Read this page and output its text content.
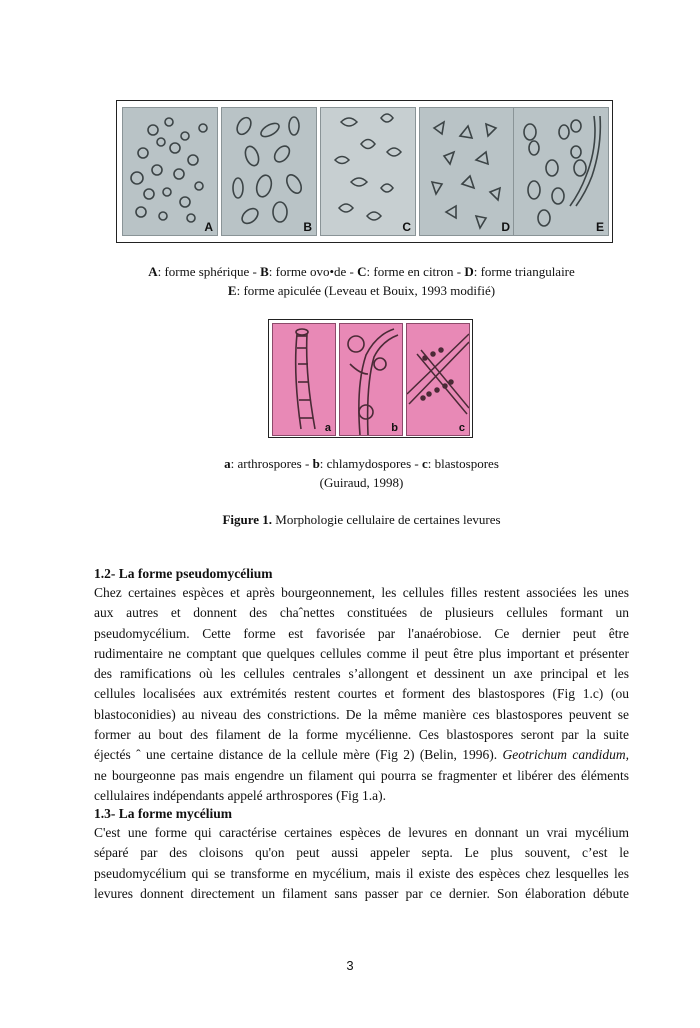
A	B	C	D	E
A: forme sphérique - B: forme ovo•de - C: forme en citron - D: forme triangulaire
E: forme apiculée (Leveau et Bouix, 1993 modifié)
a	b	c
a: arthrospores - b: chlamydospores - c: blastospores
(Guiraud, 1998)
Figure 1. Morphologie cellulaire de certaines levures
1.2- La forme pseudomycélium
Chez certaines espèces et après bourgeonnement, les cellules filles restent associées les unes
aux autres et donnent des chaˆnettes constituées de plusieurs cellules formant un
pseudomycélium. Cette forme est favorisée par l'anaérobiose. Ce dernier peut être
rudimentaire ne comptant que quelques cellules comme il peut être plus important et présenter
des ramifications où les cellules centrales s’allongent et dessinent un axe principal et les
cellules localisées aux extrémités restent courtes et forment des blastospores (Fig 1.c) (ou
blastoconidies) au niveau des constrictions. De la même manière ces blastospores peuvent se
former au bout des filament de la forme mycélienne. Ces blastospores seront par la suite
éjectés ˆ une certaine distance de la cellule mère (Fig 2) (Belin, 1996). Geotrichum candidum,
ne bourgeonne pas mais engendre un filament qui pourra se fragmenter et libérer des éléments
cellulaires indépendants appelé arthrospores (Fig 1.a).
1.3- La forme mycélium
C'est une forme qui caractérise certaines espèces de levures en donnant un vrai mycélium
séparé par des cloisons qu'on peut aussi appeler septa. Le plus souvent, c’est le
pseudomycélium qui se transforme en mycélium, mais il existe des espèces chez lesquelles les
levures donnent directement un filament sans passer par ce dernier. Son élaboration débute
3
